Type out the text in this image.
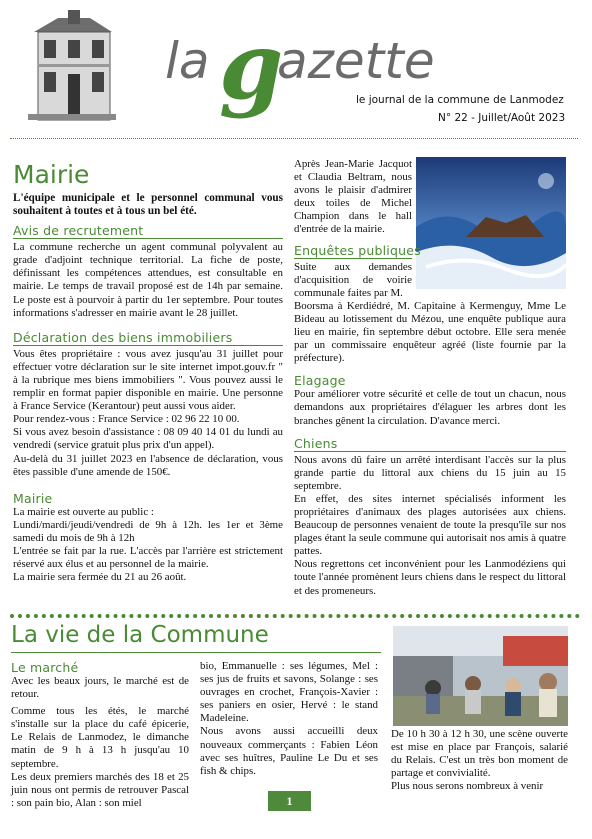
la g
azette
le journal de la commune de Lanmodez
N° 22 - Juillet/Août 2023
Mairie

L'équipe municipale et le personnel communal vous souhaitent à toutes et à tous un bel été.

Avis de recrutement

La commune recherche un agent communal polyvalent au grade d'adjoint technique territorial. La fiche de poste, définissant les compétences attendues, est consultable en mairie. Le temps de travail proposé est de 14h par semaine. Le poste est à pourvoir à partir du 1er septembre. Pour toutes informations s'adresser en mairie avant le 28 juillet.

Déclaration des biens immobiliers

Vous êtes propriétaire : vous avez jusqu'au 31 juillet pour effectuer votre déclaration sur le site internet impot.gouv.fr " à la rubrique mes biens immobiliers ". Vous pouvez aussi le remplir en format papier disponible en mairie. Une personne à France Service (Kerantour) peut aussi vous aider.

Pour rendez-vous : France Service : 02 96 22 10 00.

Si vous avez besoin d'assistance : 08 09 40 14 01 du lundi au vendredi (service gratuit plus prix d'un appel).

Au-delà du 31 juillet 2023 en l'absence de déclaration, vous êtes passible d'une amende de 150€.

Mairie

La mairie est ouverte au public :

Lundi/mardi/jeudi/vendredi de 9h à 12h. les 1er et 3ème samedi du mois de 9h à 12h

L'entrée se fait par la rue. L'accès par l'arrière est strictement réservé aux élus et au personnel de la mairie.

La mairie sera fermée du 21 au 26 août.

Après Jean-Marie Jacquot et Claudia Beltram, nous avons le plaisir d'admirer deux toiles de Michel Champion dans le hall d'entrée de la mairie.

Enquêtes publiques

Suite aux demandes d'acquisition de voirie communale faites par M.

Boorsma à Kerdiédré, M. Capitaine à Kermenguy, Mme Le Bideau au lotissement du Mézou, une enquête publique aura lieu en mairie, fin septembre début octobre. Elle sera menée par un commissaire enquêteur agréé (liste fournie par la préfecture).

Elagage

Pour améliorer votre sécurité et celle de tout un chacun, nous demandons aux propriétaires d'élaguer les arbres dont les branches gênent la circulation. D'avance merci.

Chiens

Nous avons dû faire un arrêté interdisant l'accès sur la plus grande partie du littoral aux chiens du 15 juin au 15 septembre.

En effet, des sites internet spécialisés informent les propriétaires d'animaux des plages autorisées aux chiens. Beaucoup de personnes venaient de toute la presqu'île sur nos plages étant la seule commune qui autorisait nos amis à quatre pattes.

Nous regrettons cet inconvénient pour les Lanmodéziens qui toute l'année promènent leurs chiens dans le respect du littoral et des promeneurs.

La vie de la Commune
Le marché

Avec les beaux jours, le marché est de retour.

Comme tous les étés, le marché s'installe sur la place du café épicerie, Le Relais de Lanmodez, le dimanche matin de 9 h à 13 h jusqu'au 10 septembre.

Les deux premiers marchés des 18 et 25 juin nous ont permis de retrouver Pascal : son pain bio, Alan : son miel

bio, Emmanuelle : ses légumes, Mel : ses jus de fruits et savons, Solange : ses ouvrages en crochet, François-Xavier : ses paniers en osier, Hervé : le stand Madeleine.

Nous avons aussi accueilli deux nouveaux commerçants : Fabien Léon avec ses huîtres, Pauline Le Du et ses fish & chips.

De 10 h 30 à 12 h 30, une scène ouverte est mise en place par François, salarié du Relais. C'est un très bon moment de partage et convivialité.

Plus nous serons nombreux à venir

1
